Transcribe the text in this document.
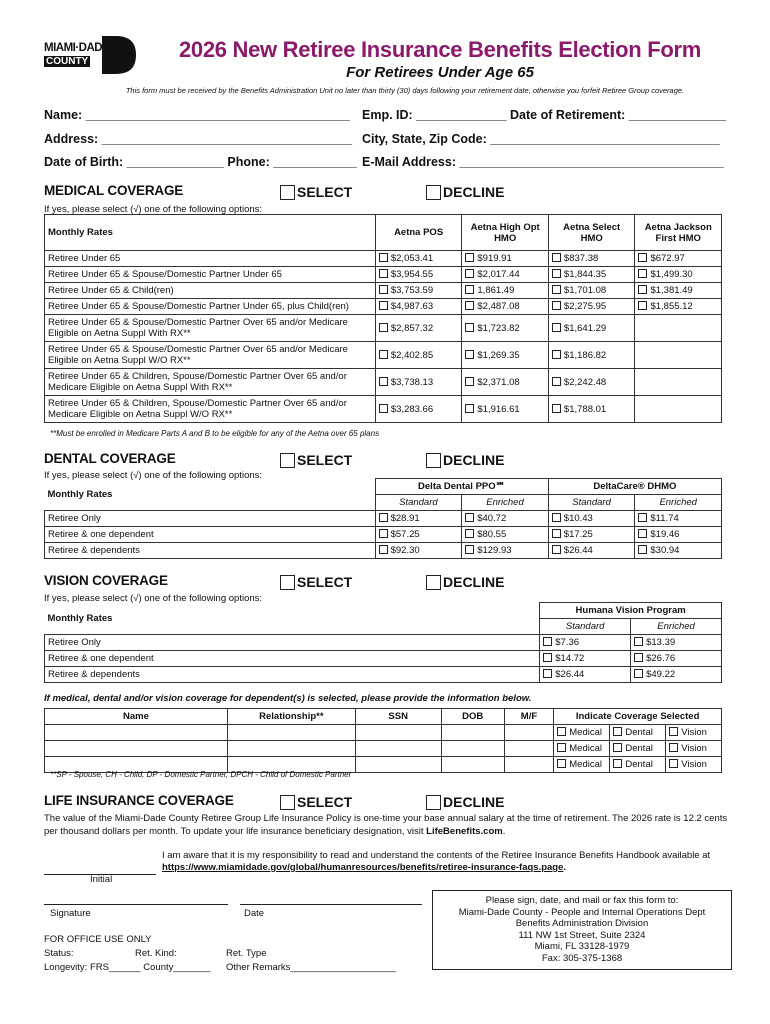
MIAMI·DADE
COUNTY	2026 New Retiree Insurance Benefits Election Form
For Retirees Under Age 65
This form must be received by the Benefits Administration Unit no later than thirty (30) days following your retirement date, otherwise you forfeit Retiree Group coverage.
Name: ______________________________________ Emp. ID: _____________ Date of Retirement: ______________
Address: ____________________________________ City, State, Zip Code: _________________________________
Date of Birth: ______________ Phone: ____________ E-Mail Address: ______________________________________
MEDICAL COVERAGE	SELECT	DECLINE
If yes, please select (√) one of the following options:
Monthly Rates	Aetna POS	Aetna High Opt HMO	Aetna Select HMO	Aetna Jackson First HMO
Retiree Under 65	$2,053.41	$919.91	$837.38	$672.97
Retiree Under 65 & Spouse/Domestic Partner Under 65	$3,954.55	$2,017.44	$1,844.35	$1,499.30
Retiree Under 65 & Child(ren)	$3,753.59	1,861.49	$1,701.08	$1,381.49
Retiree Under 65 & Spouse/Domestic Partner Under 65, plus Child(ren)	$4,987.63	$2,487.08	$2,275.95	$1,855.12
Retiree Under 65 & Spouse/Domestic Partner Over 65 and/or Medicare Eligible on Aetna Suppl With RX**	$2,857.32	$1,723.82	$1,641.29	
Retiree Under 65 & Spouse/Domestic Partner Over 65 and/or Medicare Eligible on Aetna Suppl W/O RX**	$2,402.85	$1,269.35	$1,186.82	
Retiree Under 65 & Children, Spouse/Domestic Partner Over 65 and/or Medicare Eligible on Aetna Suppl With RX**	$3,738.13	$2,371.08	$2,242.48	
Retiree Under 65 & Children, Spouse/Domestic Partner Over 65 and/or Medicare Eligible on Aetna Suppl W/O RX**	$3,283.66	$1,916.61	$1,788.01	
**Must be enrolled in Medicare Parts A and B to be eligible for any of the Aetna over 65 plans
DENTAL COVERAGE	SELECT	DECLINE
If yes, please select (√) one of the following options:
Monthly Rates	Delta Dental PPO℠		DeltaCare® DHMO	
	Standard	Enriched	Standard	Enriched
Retiree Only	$28.91	$40.72	$10.43	$11.74
Retiree & one dependent	$57.25	$80.55	$17.25	$19.46
Retiree & dependents	$92.30	$129.93	$26.44	$30.94
VISION COVERAGE	SELECT	DECLINE
If yes, please select (√) one of the following options:
Monthly Rates	Humana Vision Program	
	Standard	Enriched
Retiree Only	$7.36	$13.39
Retiree & one dependent	$14.72	$26.76
Retiree & dependents	$26.44	$49.22
If medical, dental and/or vision coverage for dependent(s) is selected, please provide the information below.
Name	Relationship**	SSN	DOB	M/F	Indicate Coverage Selected		
					Medical	Dental	Vision
					Medical	Dental	Vision
					Medical	Dental	Vision
**SP - Spouse, CH - Child, DP - Domestic Partner, DPCH - Child of Domestic Partner
LIFE INSURANCE COVERAGE	SELECT	DECLINE
The value of the Miami-Dade County Retiree Group Life Insurance Policy is one-time your base annual salary at the time of retirement. The 2026 rate is 12.2 cents
per thousand dollars per month. To update your life insurance beneficiary designation, visit LifeBenefits.com.
I am aware that it is my responsibility to read and understand the contents of the Retiree Insurance Benefits Handbook available at
https://www.miamidade.gov/global/humanresources/benefits/retiree-insurance-faqs.page.
Initial
Signature	Date
FOR OFFICE USE ONLY
Status:	Ret. Kind:	Ret. Type
Longevity: FRS______ County_______ Other Remarks____________________
Please sign, date, and mail or fax this form to:
Miami-Dade County - People and Internal Operations Dept
Benefits Administration Division
111 NW 1st Street, Suite 2324
Miami, FL 33128-1979
Fax: 305-375-1368
